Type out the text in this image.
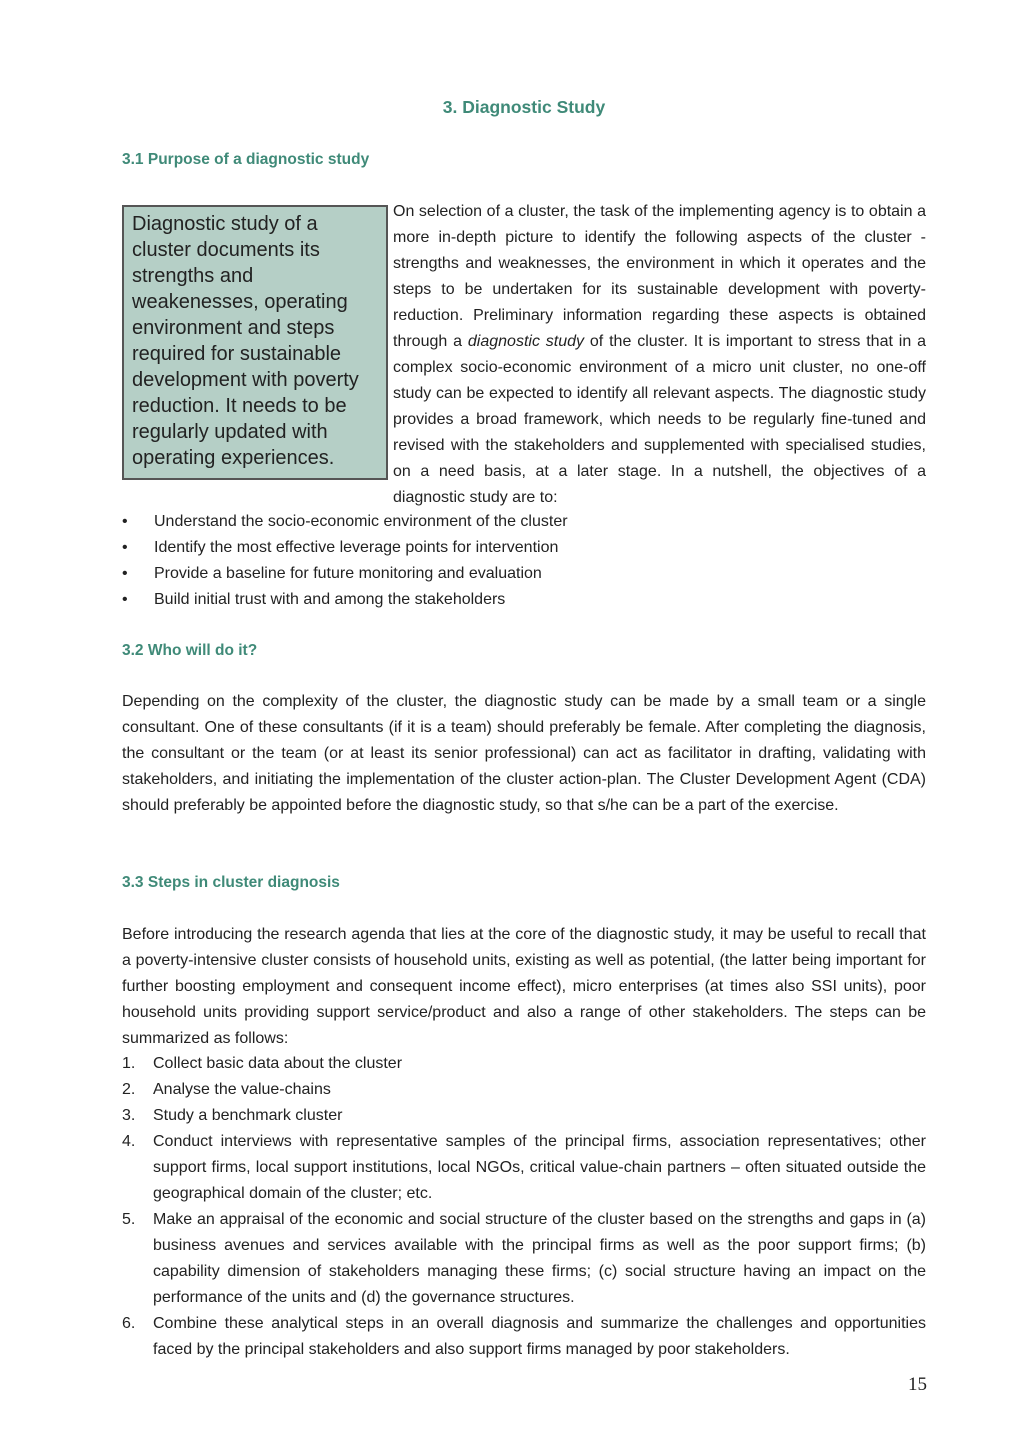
3. Diagnostic Study
3.1 Purpose of a diagnostic study
Diagnostic study of a cluster documents its strengths and weakenesses, operating environment and steps required for sustainable development with poverty reduction. It needs to be regularly updated with operating experiences.

On selection of a cluster, the task of the implementing agency is to obtain a more in-depth picture to identify the following aspects of the cluster - strengths and weaknesses, the environment in which it operates and the steps to be undertaken for its sustainable development with poverty-reduction. Preliminary information regarding these aspects is obtained through a diagnostic study of the cluster. It is important to stress that in a complex socio-economic environment of a micro unit cluster, no one-off study can be expected to identify all relevant aspects. The diagnostic study provides a broad framework, which needs to be regularly fine-tuned and revised with the stakeholders and supplemented with specialised studies, on a need basis, at a later stage. In a nutshell, the objectives of a diagnostic study are to:

• Understand the socio-economic environment of the cluster
• Identify the most effective leverage points for intervention
• Provide a baseline for future monitoring and evaluation
• Build initial trust with and among the stakeholders
3.2 Who will do it?

Depending on the complexity of the cluster, the diagnostic study can be made by a small team or a single consultant. One of these consultants (if it is a team) should preferably be female. After completing the diagnosis, the consultant or the team (or at least its senior professional) can act as facilitator in drafting, validating with stakeholders, and initiating the implementation of the cluster action-plan. The Cluster Development Agent (CDA) should preferably be appointed before the diagnostic study, so that s/he can be a part of the exercise.

3.3 Steps in cluster diagnosis

Before introducing the research agenda that lies at the core of the diagnostic study, it may be useful to recall that a poverty-intensive cluster consists of household units, existing as well as potential, (the latter being important for further boosting employment and consequent income effect), micro enterprises (at times also SSI units), poor household units providing support service/product and also a range of other stakeholders. The steps can be summarized as follows:

1. Collect basic data about the cluster
2. Analyse the value-chains
3. Study a benchmark cluster
4. Conduct interviews with representative samples of the principal firms, association representatives; other support firms, local support institutions, local NGOs, critical value-chain partners – often situated outside the geographical domain of the cluster; etc.
5. Make an appraisal of the economic and social structure of the cluster based on the strengths and gaps in (a) business avenues and services available with the principal firms as well as the poor support firms; (b) capability dimension of stakeholders managing these firms; (c) social structure having an impact on the performance of the units and (d) the governance structures.
6. Combine these analytical steps in an overall diagnosis and summarize the challenges and opportunities faced by the principal stakeholders and also support firms managed by poor stakeholders.
15
